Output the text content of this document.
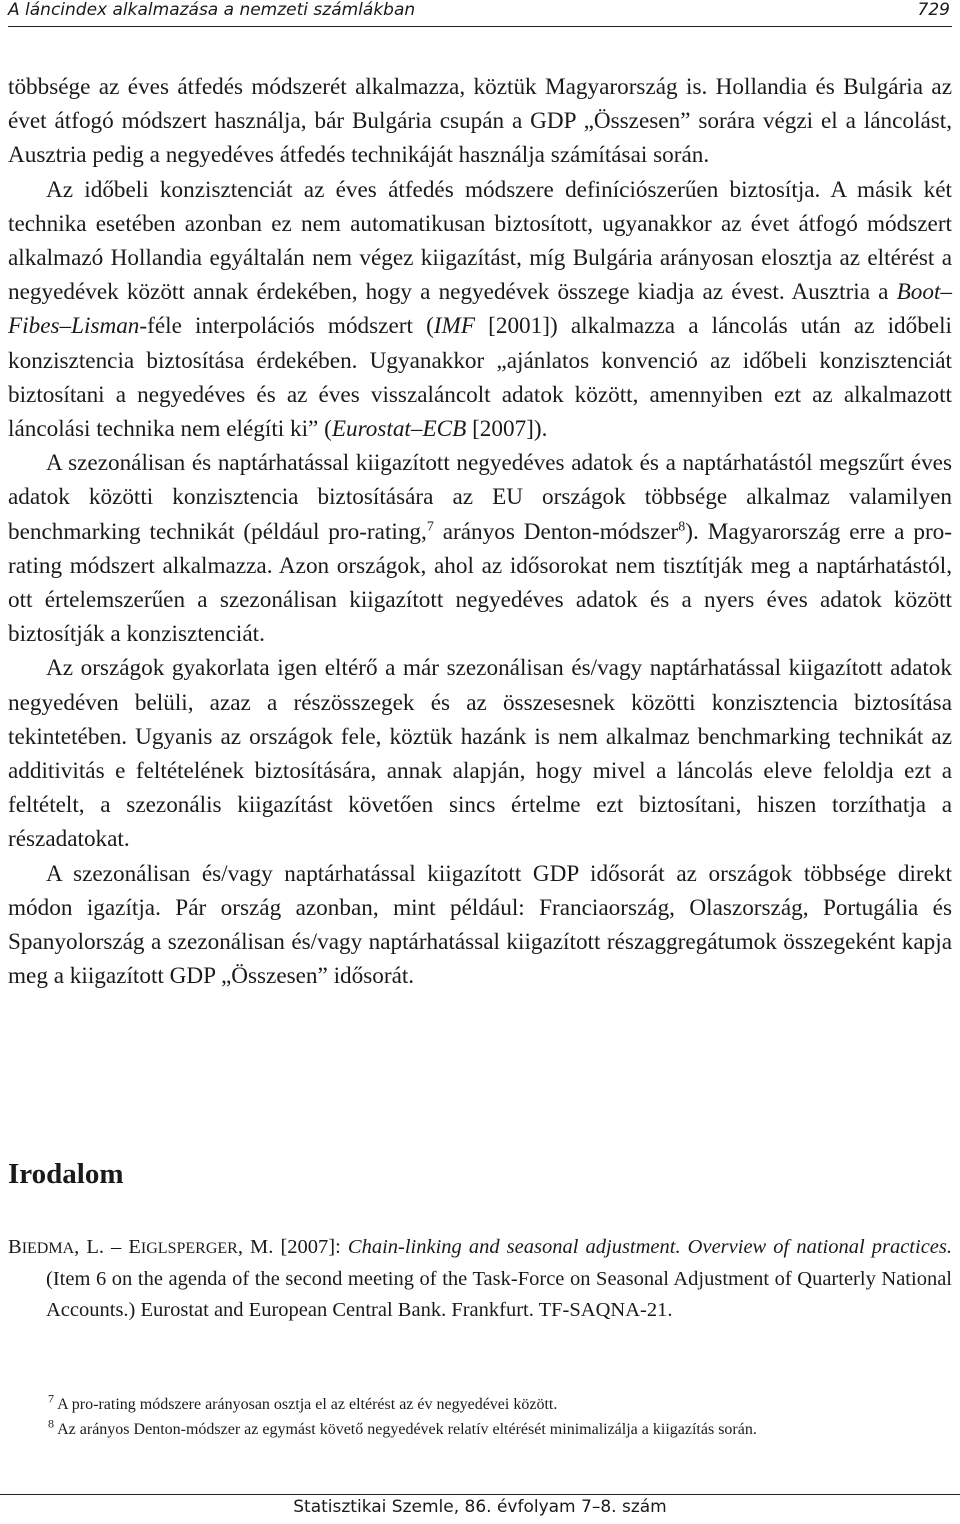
A láncindex alkalmazása a nemzeti számlákban	729

többsége az éves átfedés módszerét alkalmazza, köztük Magyarország is. Hollandia és Bulgária az évet átfogó módszert használja, bár Bulgária csupán a GDP „Összesen” sorára végzi el a láncolást, Ausztria pedig a negyedéves átfedés technikáját használja számításai során.

Az időbeli konzisztenciát az éves átfedés módszere definíciószerűen biztosítja. A másik két technika esetében azonban ez nem automatikusan biztosított, ugyanakkor az évet átfogó módszert alkalmazó Hollandia egyáltalán nem végez kiigazítást, míg Bulgária arányosan elosztja az eltérést a negyedévek között annak érdekében, hogy a negyedévek összege kiadja az évest. Ausztria a Boot–Fibes–Lisman-féle interpolációs módszert (IMF [2001]) alkalmazza a láncolás után az időbeli konzisztencia biztosítása érdekében. Ugyanakkor „ajánlatos konvenció az időbeli konzisztenciát biztosítani a negyedéves és az éves visszaláncolt adatok között, amennyiben ezt az alkalmazott láncolási technika nem elégíti ki” (Eurostat–ECB [2007]).

A szezonálisan és naptárhatással kiigazított negyedéves adatok és a naptárhatástól megszűrt éves adatok közötti konzisztencia biztosítására az EU országok többsége alkalmaz valamilyen benchmarking technikát (például pro-rating,$^7$ arányos Denton-módszer$^8$). Magyarország erre a pro-rating módszert alkalmazza. Azon országok, ahol az idősorokat nem tisztítják meg a naptárhatástól, ott értelemszerűen a szezonálisan kiigazított negyedéves adatok és a nyers éves adatok között biztosítják a konzisztenciát.

Az országok gyakorlata igen eltérő a már szezonálisan és/vagy naptárhatással kiigazított adatok negyedéven belüli, azaz a részösszegek és az összesesnek közötti konzisztencia biztosítása tekintetében. Ugyanis az országok fele, köztük hazánk is nem alkalmaz benchmarking technikát az additivitás e feltételének biztosítására, annak alapján, hogy mivel a láncolás eleve feloldja ezt a feltételt, a szezonális kiigazítást követően sincs értelme ezt biztosítani, hiszen torzíthatja a részadatokat.

A szezonálisan és/vagy naptárhatással kiigazított GDP idősorát az országok többsége direkt módon igazítja. Pár ország azonban, mint például: Franciaország, Olaszország, Portugália és Spanyolország a szezonálisan és/vagy naptárhatással kiigazított részaggregátumok összegeként kapja meg a kiigazított GDP „Összesen” idősorát.

Irodalom
BIEDMA, L. – EIGLSPERGER, M. [2007]: Chain-linking and seasonal adjustment. Overview of national practices. (Item 6 on the agenda of the second meeting of the Task-Force on Seasonal Adjustment of Quarterly National Accounts.) Eurostat and European Central Bank. Frankfurt. TF-SAQNA-21.
$^7$ A pro-rating módszere arányosan osztja el az eltérést az év negyedévei között.
$^8$ Az arányos Denton-módszer az egymást követő negyedévek relatív eltérését minimalizálja a kiigazítás során.
Statisztikai Szemle, 86. évfolyam 7–8. szám
